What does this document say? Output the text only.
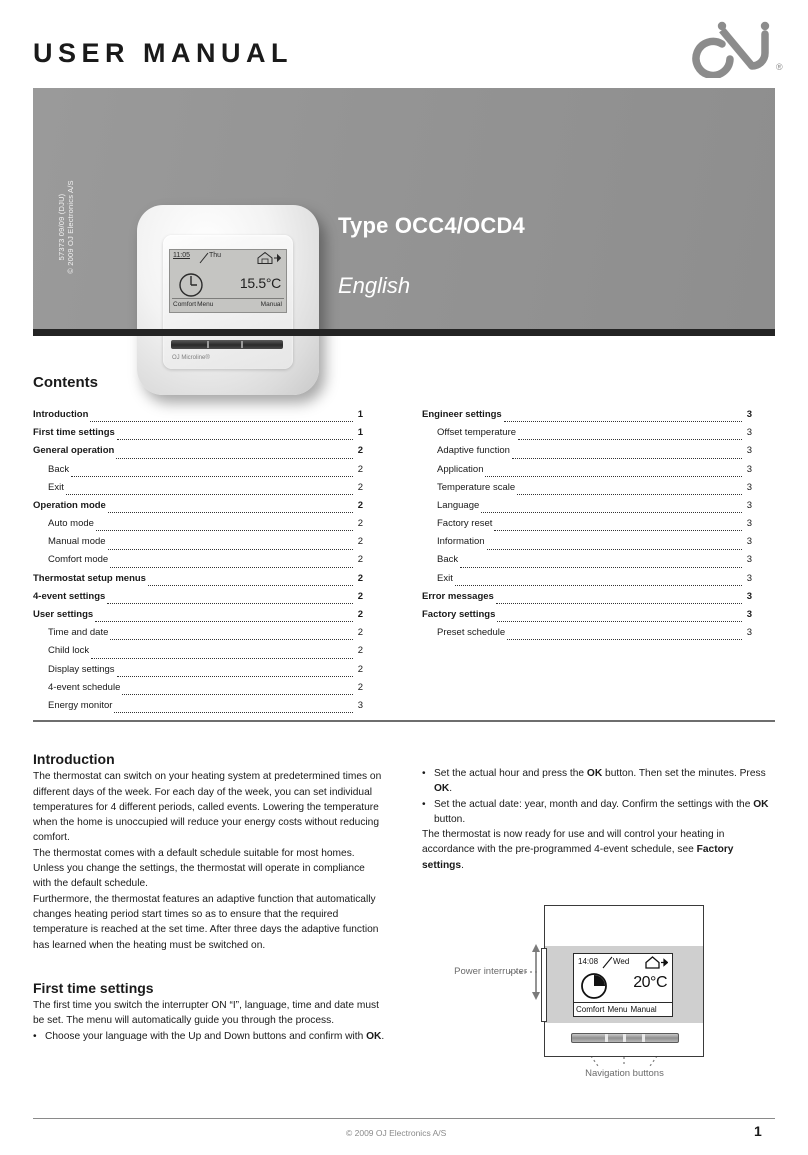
USER MANUAL	®
57373 09/09 (DJU) © 2009 OJ Electronics A/S	11:05	Thu
15.5°C
Comfort Menu	Manual
OJ Microline®
Type OCC4/OCD4
English
Contents
Introduction	1
First time settings	1
General operation	2
Back	2
Exit	2
Operation mode	2
Auto mode	2
Manual mode	2
Comfort mode	2
Thermostat setup menus	2
4-event settings	2
User settings	2
Time and date	2
Child lock	2
Display settings	2
4-event schedule	2
Energy monitor	3
Engineer settings	3
Offset temperature	3
Adaptive function	3
Application	3
Temperature scale	3
Language	3
Factory reset	3
Information	3
Back	3
Exit	3
Error messages	3
Factory settings	3
Preset schedule	3
Introduction

The thermostat can switch on your heating system at predetermined times on different days of the week. For each day of the week, you can set individual temperatures for 4 different periods, called events. Lowering the temperature when the home is unoccupied will reduce your energy costs without reducing comfort.

The thermostat comes with a default schedule suitable for most homes. Unless you change the settings, the thermostat will operate in compliance with the default schedule.

Furthermore, the thermostat features an adaptive function that automatically changes heating period start times so as to ensure that the required temperature is reached at the set time. After three days the adaptive function has learned when the heating must be switched on.

First time settings

The first time you switch the interrupter ON “I”, language, time and date must be set. The menu will automatically guide you through the process.

• Choose your language with the Up and Down buttons and confirm with OK.
• Set the actual hour and press the OK button. Then set the minutes. Press OK.
• Set the actual date: year, month and day. Confirm the settings with the OK button.

The thermostat is now ready for use and will control your heating in accordance with the pre-programmed 4-event schedule, see Factory settings.

14:08 Wed
20°C
Comfort Menu Manual
Power interrupter
Navigation buttons
© 2009 OJ Electronics A/S	1
